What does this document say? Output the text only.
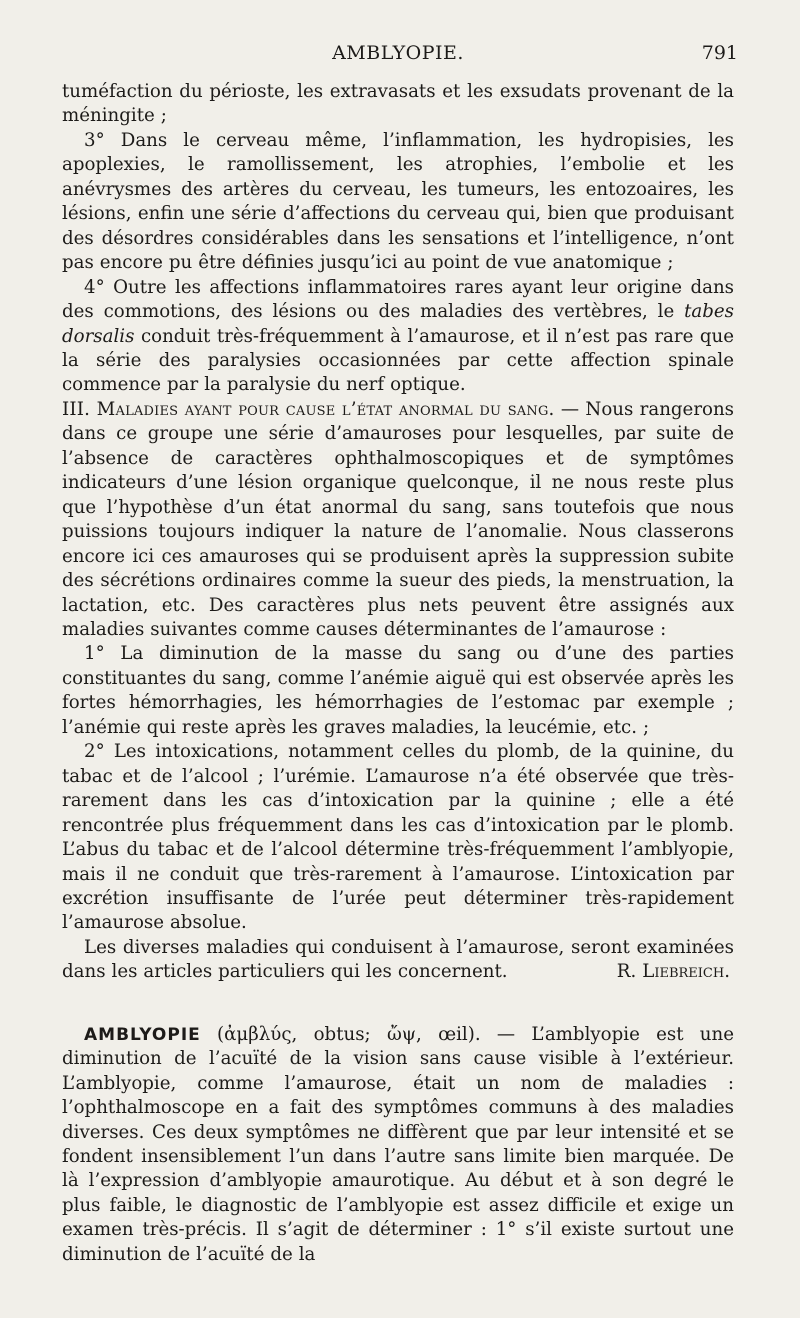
AMBLYOPIE.	791

tuméfaction du périoste, les extravasats et les exsudats provenant de la méningite ;

3° Dans le cerveau même, l’inflammation, les hydropisies, les apoplexies, le ramollissement, les atrophies, l’embolie et les anévrysmes des artères du cerveau, les tumeurs, les entozoaires, les lésions, enfin une série d’affections du cerveau qui, bien que produisant des désordres considérables dans les sensations et l’intelligence, n’ont pas encore pu être définies jusqu’ici au point de vue anatomique ;

4° Outre les affections inflammatoires rares ayant leur origine dans des commotions, des lésions ou des maladies des vertèbres, le tabes dorsalis conduit très-fréquemment à l’amaurose, et il n’est pas rare que la série des paralysies occasionnées par cette affection spinale commence par la paralysie du nerf optique.

III. Maladies ayant pour cause l’état anormal du sang. — Nous rangerons dans ce groupe une série d’amauroses pour lesquelles, par suite de l’absence de caractères ophthalmoscopiques et de symptômes indicateurs d’une lésion organique quelconque, il ne nous reste plus que l’hypothèse d’un état anormal du sang, sans toutefois que nous puissions toujours indiquer la nature de l’anomalie. Nous classerons encore ici ces amauroses qui se produisent après la suppression subite des sécrétions ordinaires comme la sueur des pieds, la menstruation, la lactation, etc. Des caractères plus nets peuvent être assignés aux maladies suivantes comme causes déterminantes de l’amaurose :

1° La diminution de la masse du sang ou d’une des parties constituantes du sang, comme l’anémie aiguë qui est observée après les fortes hémorrhagies, les hémorrhagies de l’estomac par exemple ; l’anémie qui reste après les graves maladies, la leucémie, etc. ;

2° Les intoxications, notamment celles du plomb, de la quinine, du tabac et de l’alcool ; l’urémie. L’amaurose n’a été observée que très-rarement dans les cas d’intoxication par la quinine ; elle a été rencontrée plus fréquemment dans les cas d’intoxication par le plomb. L’abus du tabac et de l’alcool détermine très-fréquemment l’amblyopie, mais il ne conduit que très-rarement à l’amaurose. L’intoxication par excrétion insuffisante de l’urée peut déterminer très-rapidement l’amaurose absolue.

Les diverses maladies qui conduisent à l’amaurose, seront examinées dans les articles particuliers qui les concernent.	R. Liebreich.

AMBLYOPIE (ἀμβλύς, obtus; ὤψ, œil). — L’amblyopie est une diminution de l’acuïté de la vision sans cause visible à l’extérieur. L’amblyopie, comme l’amaurose, était un nom de maladies : l’ophthalmoscope en a fait des symptômes communs à des maladies diverses. Ces deux symptômes ne diffèrent que par leur intensité et se fondent insensiblement l’un dans l’autre sans limite bien marquée. De là l’expression d’amblyopie amaurotique. Au début et à son degré le plus faible, le diagnostic de l’amblyopie est assez difficile et exige un examen très-précis. Il s’agit de déterminer : 1° s’il existe surtout une diminution de l’acuïté de la
